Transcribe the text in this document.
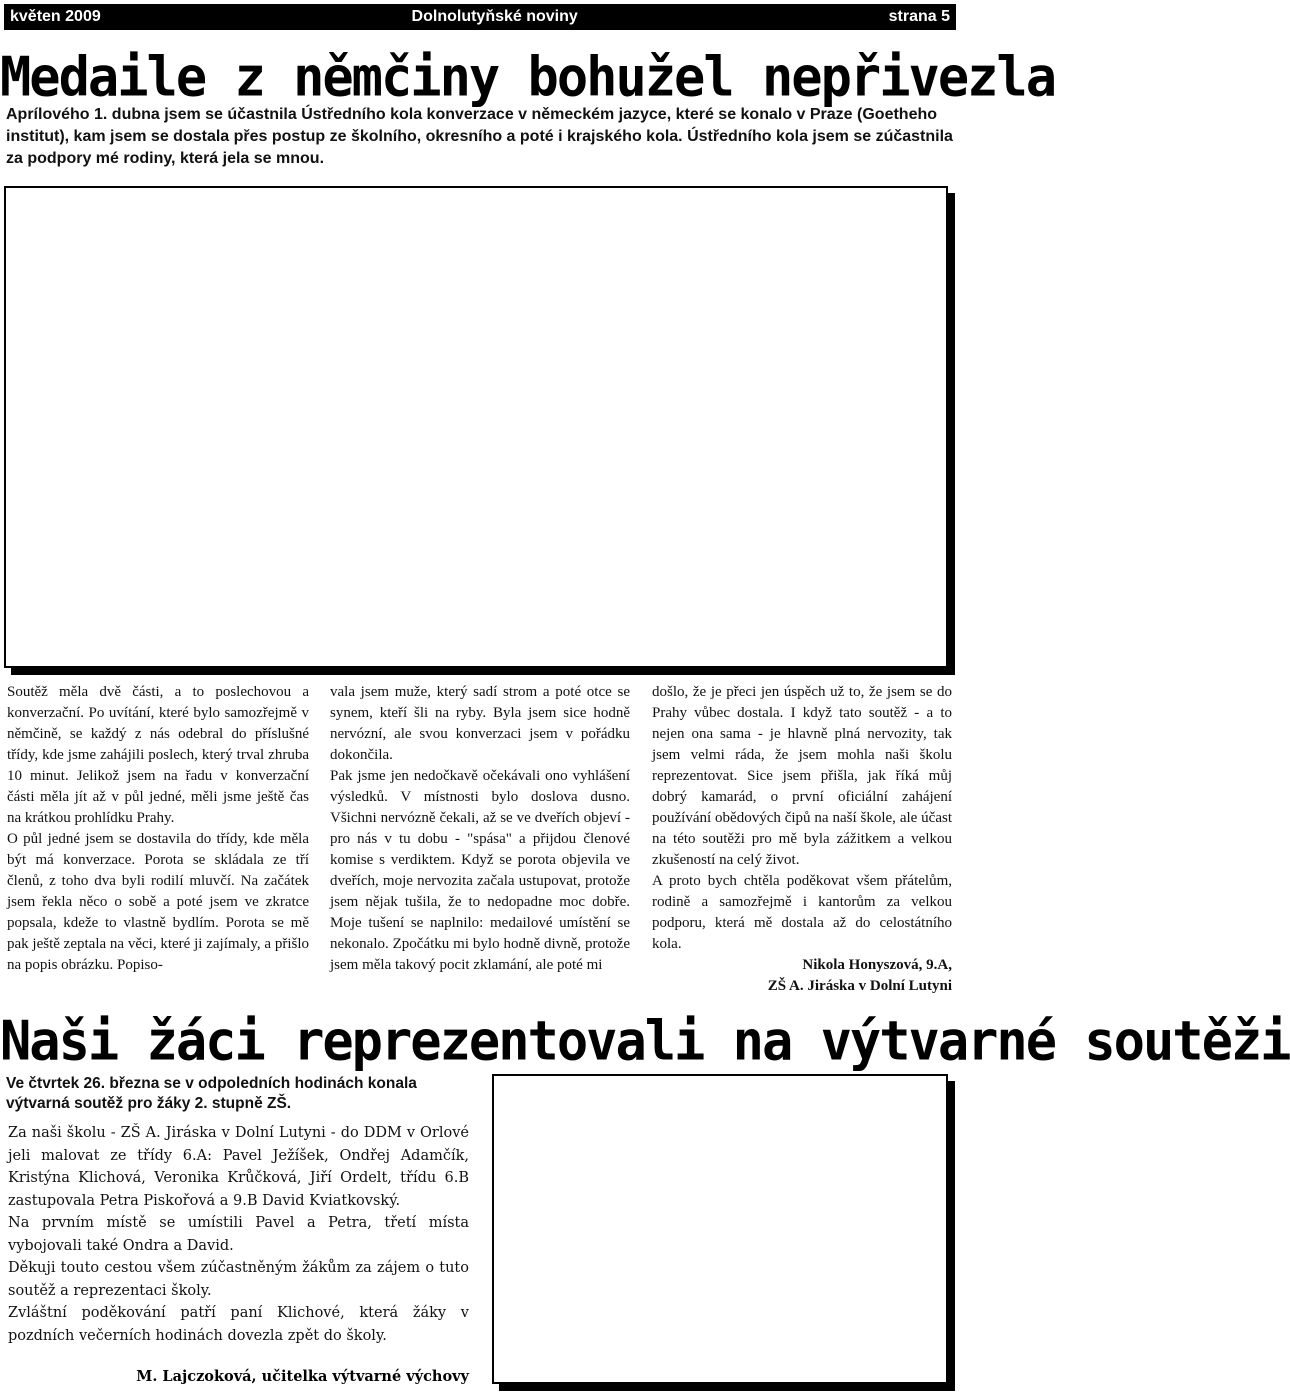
květen 2009	Dolnolutyňské noviny	strana 5
Medaile z němčiny bohužel nepřivezla
Aprílového 1. dubna jsem se účastnila Ústředního kola konverzace v německém jazyce, které se konalo v Praze (Goetheho institut), kam jsem se dostala přes postup ze školního, okresního a poté i krajského kola. Ústředního kola jsem se zúčastnila za podpory mé rodiny, která jela se mnou.

Soutěž měla dvě části, a to poslechovou a konverzační. Po uvítání, které bylo samozřejmě v němčině, se každý z nás odebral do příslušné třídy, kde jsme zahájili poslech, který trval zhruba 10 minut. Jelikož jsem na řadu v konverzační části měla jít až v půl jedné, měli jsme ještě čas na krátkou prohlídku Prahy.

O půl jedné jsem se dostavila do třídy, kde měla být má konverzace. Porota se skládala ze tří členů, z toho dva byli rodilí mluvčí. Na začátek jsem řekla něco o sobě a poté jsem ve zkratce popsala, kdeže to vlastně bydlím. Porota se mě pak ještě zeptala na věci, které ji zajímaly, a přišlo na popis obrázku. Popiso-

vala jsem muže, který sadí strom a poté otce se synem, kteří šli na ryby. Byla jsem sice hodně nervózní, ale svou konverzaci jsem v pořádku dokončila.

Pak jsme jen nedočkavě očekávali ono vyhlášení výsledků. V místnosti bylo doslova dusno. Všichni nervózně čekali, až se ve dveřích objeví - pro nás v tu dobu - "spása" a přijdou členové komise s verdiktem. Když se porota objevila ve dveřích, moje nervozita začala ustupovat, protože jsem nějak tušila, že to nedopadne moc dobře. Moje tušení se naplnilo: medailové umístění se nekonalo. Zpočátku mi bylo hodně divně, protože jsem měla takový pocit zklamání, ale poté mi

došlo, že je přeci jen úspěch už to, že jsem se do Prahy vůbec dostala. I když tato soutěž - a to nejen ona sama - je hlavně plná nervozity, tak jsem velmi ráda, že jsem mohla naši školu reprezentovat. Sice jsem přišla, jak říká můj dobrý kamarád, o první oficiální zahájení používání obědových čipů na naší škole, ale účast na této soutěži pro mě byla zážitkem a velkou zkušeností na celý život.

A proto bych chtěla poděkovat všem přátelům, rodině a samozřejmě i kantorům za velkou podporu, která mě dostala až do celostátního kola.

Nikola Honyszová, 9.A,

ZŠ A. Jiráska v Dolní Lutyni

Naši žáci reprezentovali na výtvarné soutěži
Ve čtvrtek 26. března se v odpoledních hodinách konala výtvarná soutěž pro žáky 2. stupně ZŠ.

Za naši školu - ZŠ A. Jiráska v Dolní Lutyni - do DDM v Orlové jeli malovat ze třídy 6.A: Pavel Ježíšek, Ondřej Adamčík, Kristýna Klichová, Veronika Krůčková, Jiří Ordelt, třídu 6.B zastupovala Petra Piskořová a 9.B David Kviatkovský.

Na prvním místě se umístili Pavel a Petra, třetí místa vybojovali také Ondra a David.

Děkuji touto cestou všem zúčastněným žákům za zájem o tuto soutěž a reprezentaci školy.

Zvláštní poděkování patří paní Klichové, která žáky v pozdních večerních hodinách dovezla zpět do školy.

M. Lajczoková, učitelka výtvarné výchovy
